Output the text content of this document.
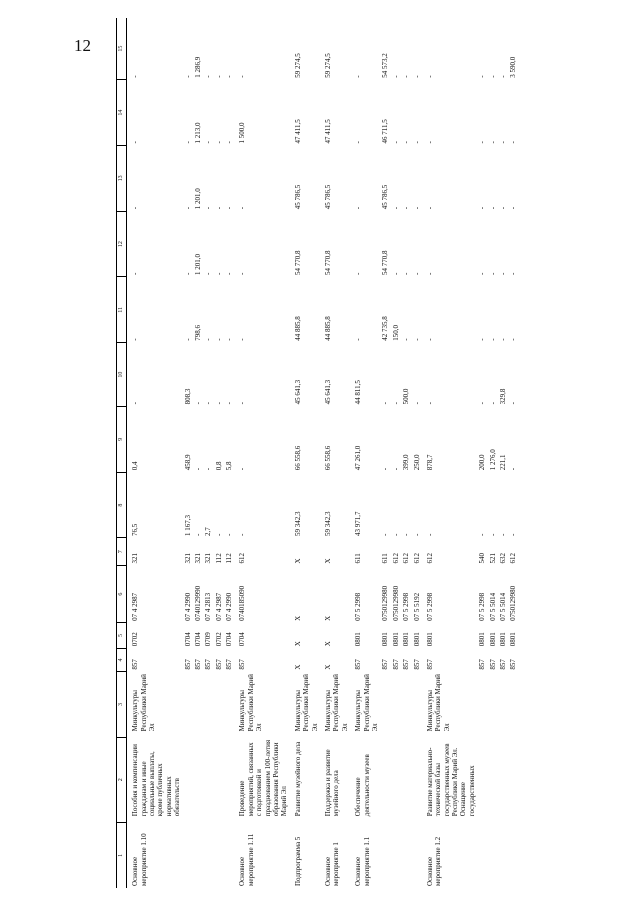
12
1	2	3	4	5	6	7	8	9	10	11	12	13	14	15
Основное мероприятие 1.10	Пособия и компенсации гражданам и иные социальные выплаты, кроме публичных нормативных обязательств	Минкультуры Республики Марий Эл	857	0702	07 4 2987	321	76,5	0,4	-	-	-	-	-	-
			857	0704	07 4 2990	321	1 167,3	458,9	808,3	-	-	-	-	-
			857	0704	0740129990	321	-	-	-	798,6	1 201,0	1 201,0	1 213,0	1 286,9
			857	0709	07 4 2813	321	2,7	-	-	-	-	-	-	-
			857	0702	07 4 2987	112	-	0,8	-	-	-	-	-	-
			857	0704	07 4 2990	112	-	5,8	-	-	-	-	-	-
Основное мероприятие 1.11	Проведение мероприятий, связанных с подготовкой и празднованием 100-летия образования Республики Марий Эл	Минкультуры Республики Марий Эл	857	0704	0740185090	612	-	-	-	-	-	-	1 500,0	-
Подпрограмма 5	Развитие музейного дела	Минкультуры Республики Марий Эл	X	X	X	X	59 342,3	66 558,6	45 641,3	44 885,8	54 770,8	45 786,5	47 411,5	59 274,5
Основное мероприятие 1	Поддержка и развитие музейного дела	Минкультуры Республики Марий Эл	X	X	X	X	59 342,3	66 558,6	45 641,3	44 885,8	54 770,8	45 786,5	47 411,5	59 274,5
Основное мероприятие 1.1	Обеспечение деятельности музеев	Минкультуры Республики Марий Эл	857	0801	07 5 2998	611	43 971,7	47 261,0	44 811,5	-	-	-	-	-
			857	0801	0750129980	611	-	-	-	42 735,8	54 770,8	45 786,5	46 711,5	54 573,2
			857	0801	0750129980	612	-	-	-	150,0	-	-	-	-
			857	0801	07 5 2998	612	-	399,0	500,0	-	-	-	-	-
			857	0801	07 5 5192	612	-	250,0	-	-	-	-	-	-
Основное мероприятие 1.2	Развитие материально-технической базы государственных музеев Республики Марий Эл. Оснащение государственных	Минкультуры Республики Марий Эл	857	0801	07 5 2998	612	-	878,7	-	-	-	-	-	-
			857	0801	07 5 2998	540	-	200,0	-	-	-	-	-	-
			857	0801	07 5 5014	521	-	1 276,0	-	-	-	-	-	-
			857	0801	07 5 5014	632	-	221,1	329,8	-	-	-	-	-
			857	0801	0750129980	612	-	-	-	-	-	-	-	3 590,0
